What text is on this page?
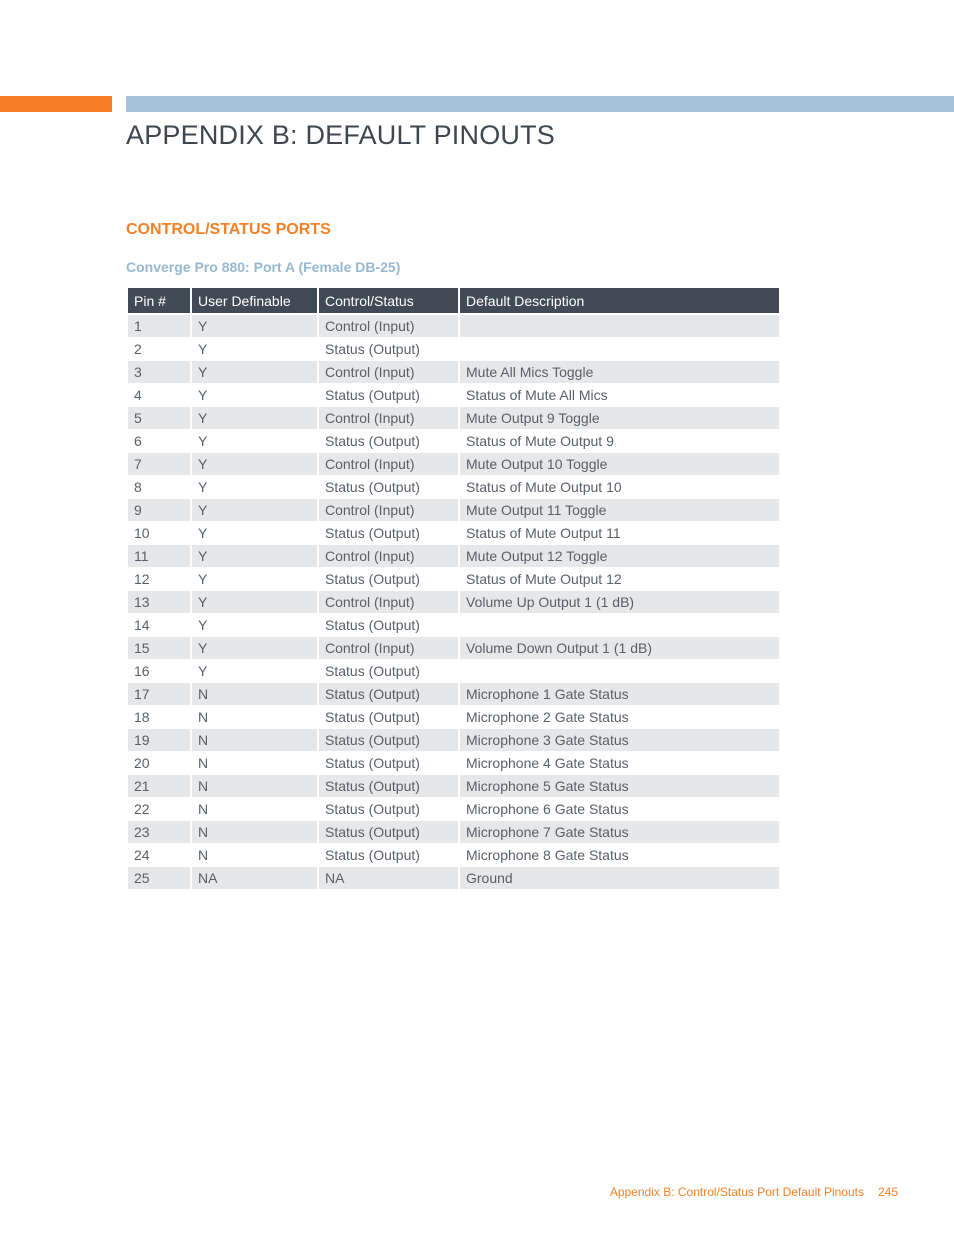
APPENDIX B: DEFAULT PINOUTS
CONTROL/STATUS PORTS
Converge Pro 880: Port A (Female DB-25)
Pin #	User Definable	Control/Status	Default Description
1	Y	Control (Input)	
2	Y	Status (Output)	
3	Y	Control (Input)	Mute All Mics Toggle
4	Y	Status (Output)	Status of Mute All Mics
5	Y	Control (Input)	Mute Output 9 Toggle
6	Y	Status (Output)	Status of Mute Output 9
7	Y	Control (Input)	Mute Output 10 Toggle
8	Y	Status (Output)	Status of Mute Output 10
9	Y	Control (Input)	Mute Output 11 Toggle
10	Y	Status (Output)	Status of Mute Output 11
11	Y	Control (Input)	Mute Output 12 Toggle
12	Y	Status (Output)	Status of Mute Output 12
13	Y	Control (Input)	Volume Up Output 1 (1 dB)
14	Y	Status (Output)	
15	Y	Control (Input)	Volume Down Output 1 (1 dB)
16	Y	Status (Output)	
17	N	Status (Output)	Microphone 1 Gate Status
18	N	Status (Output)	Microphone 2 Gate Status
19	N	Status (Output)	Microphone 3 Gate Status
20	N	Status (Output)	Microphone 4 Gate Status
21	N	Status (Output)	Microphone 5 Gate Status
22	N	Status (Output)	Microphone 6 Gate Status
23	N	Status (Output)	Microphone 7 Gate Status
24	N	Status (Output)	Microphone 8 Gate Status
25	NA	NA	Ground
Appendix B: Control/Status Port Default Pinouts 245
